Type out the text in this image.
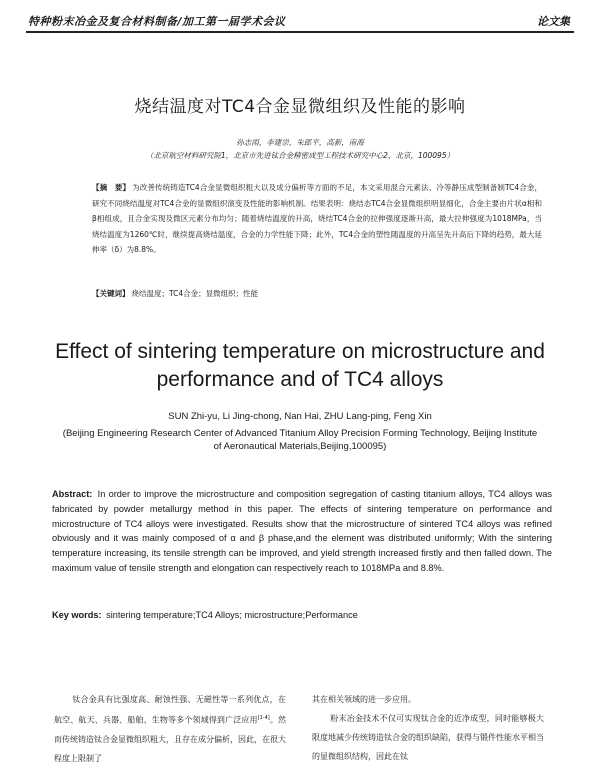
特种粉末冶金及复合材料制备/加工第一届学术会议	论文集
烧结温度对TC4合金显微组织及性能的影响
孙志雨，李建崇，朱郎平，高新，南海
（北京航空材料研究院1，北京市先进钛合金精密成型工程技术研究中心2，北京，100095）
【摘　要】 为改善传统铸造TC4合金显微组织粗大以及成分偏析等方面的不足，本文采用混合元素法、冷等静压成型制备制TC4合金，研究不同烧结温度对TC4合金的显微组织演变及性能的影响机制。结果表明：烧结态TC4合金显微组织明显细化，合金主要由片状α相和β相组成，且合金实现及微区元素分布均匀；随着烧结温度的升高，烧结TC4合金的拉伸强度逐渐升高，最大拉伸强度为1018MPa，当烧结温度为1260℃时，继续提高烧结温度，合金的力学性能下降；此外，TC4合金的塑性随温度的升高呈先升高后下降的趋势，最大延伸率（δ）为8.8%。
【关键词】 烧结温度；TC4合金；显微组织；性能
Effect of sintering temperature on microstructure and performance and of TC4 alloys
SUN Zhi-yu, Li Jing-chong, Nan Hai, ZHU Lang-ping, Feng Xin
(Beijing Engineering Research Center of Advanced Titanium Alloy Precision Forming Technology, Beijing Institute of Aeronautical Materials,Beijing,100095)
Abstract: In order to improve the microstructure and composition segregation of casting titanium alloys, TC4 alloys was fabricated by powder metallurgy method in this paper. The effects of sintering temperature on performance and microstructure of TC4 alloys were investigated. Results show that the microstructure of sintered TC4 alloys was refined obviously and it was mainly composed of α and β phase,and the element was distributed uniformly; With the sintering temperature increasing, its tensile strength can be improved, and yield strength increased firstly and then falled down. The maximum value of tensile strength and elongation can respectively reach to 1018MPa and 8.8%.
Key words: sintering temperature;TC4 Alloys; microstructure;Performance
钛合金具有比强度高、耐蚀性强、无磁性等一系列优点，在航空、航天、兵器、船舶、生物等多个领域得到广泛应用[1-4]。然而传统铸造钛合金显微组织粗大，且存在成分偏析，因此，在很大程度上限制了
其在相关领域的进一步应用。
粉末冶金技术不仅可实现钛合金的近净成型，同时能够极大限度地减少传统铸造钛合金的组织缺陷，获得与锻件性能水平相当的显微组织结构，因此在钛
